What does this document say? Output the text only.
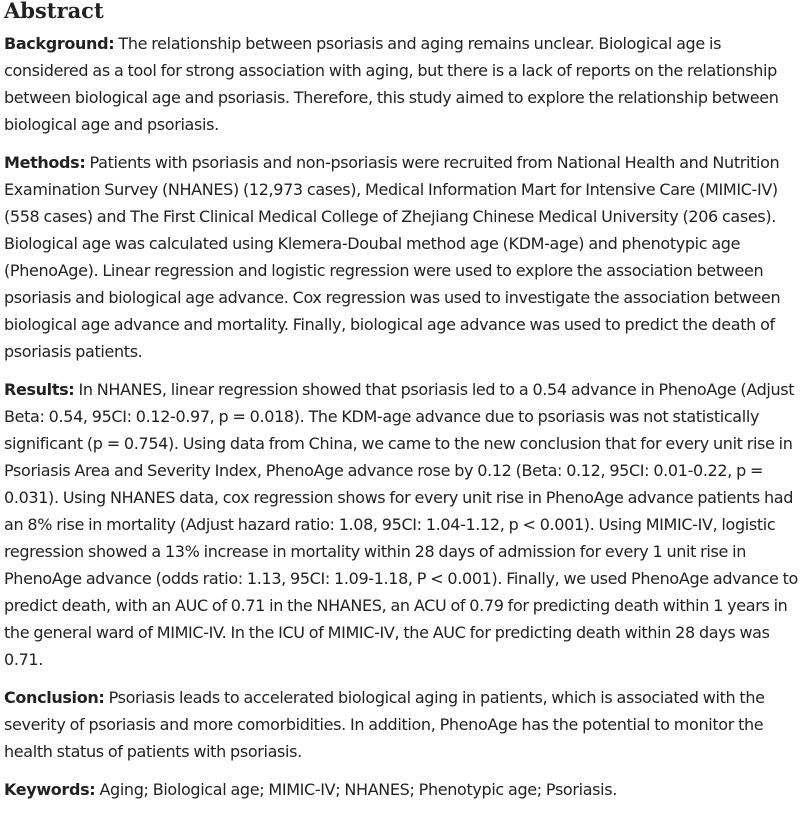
Abstract

Background: The relationship between psoriasis and aging remains unclear. Biological age is considered as a tool for strong association with aging, but there is a lack of reports on the relationship between biological age and psoriasis. Therefore, this study aimed to explore the relationship between biological age and psoriasis.

Methods: Patients with psoriasis and non-psoriasis were recruited from National Health and Nutrition Examination Survey (NHANES) (12,973 cases), Medical Information Mart for Intensive Care (MIMIC-IV) (558 cases) and The First Clinical Medical College of Zhejiang Chinese Medical University (206 cases). Biological age was calculated using Klemera-Doubal method age (KDM-age) and phenotypic age (PhenoAge). Linear regression and logistic regression were used to explore the association between psoriasis and biological age advance. Cox regression was used to investigate the association between biological age advance and mortality. Finally, biological age advance was used to predict the death of psoriasis patients.

Results: In NHANES, linear regression showed that psoriasis led to a 0.54 advance in PhenoAge (Adjust Beta: 0.54, 95CI: 0.12-0.97, p = 0.018). The KDM-age advance due to psoriasis was not statistically significant (p = 0.754). Using data from China, we came to the new conclusion that for every unit rise in Psoriasis Area and Severity Index, PhenoAge advance rose by 0.12 (Beta: 0.12, 95CI: 0.01-0.22, p = 0.031). Using NHANES data, cox regression shows for every unit rise in PhenoAge advance patients had an 8% rise in mortality (Adjust hazard ratio: 1.08, 95CI: 1.04-1.12, p < 0.001). Using MIMIC-IV, logistic regression showed a 13% increase in mortality within 28 days of admission for every 1 unit rise in PhenoAge advance (odds ratio: 1.13, 95CI: 1.09-1.18, P < 0.001). Finally, we used PhenoAge advance to predict death, with an AUC of 0.71 in the NHANES, an ACU of 0.79 for predicting death within 1 years in the general ward of MIMIC-IV. In the ICU of MIMIC-IV, the AUC for predicting death within 28 days was 0.71.

Conclusion: Psoriasis leads to accelerated biological aging in patients, which is associated with the severity of psoriasis and more comorbidities. In addition, PhenoAge has the potential to monitor the health status of patients with psoriasis.

Keywords: Aging; Biological age; MIMIC-IV; NHANES; Phenotypic age; Psoriasis.
